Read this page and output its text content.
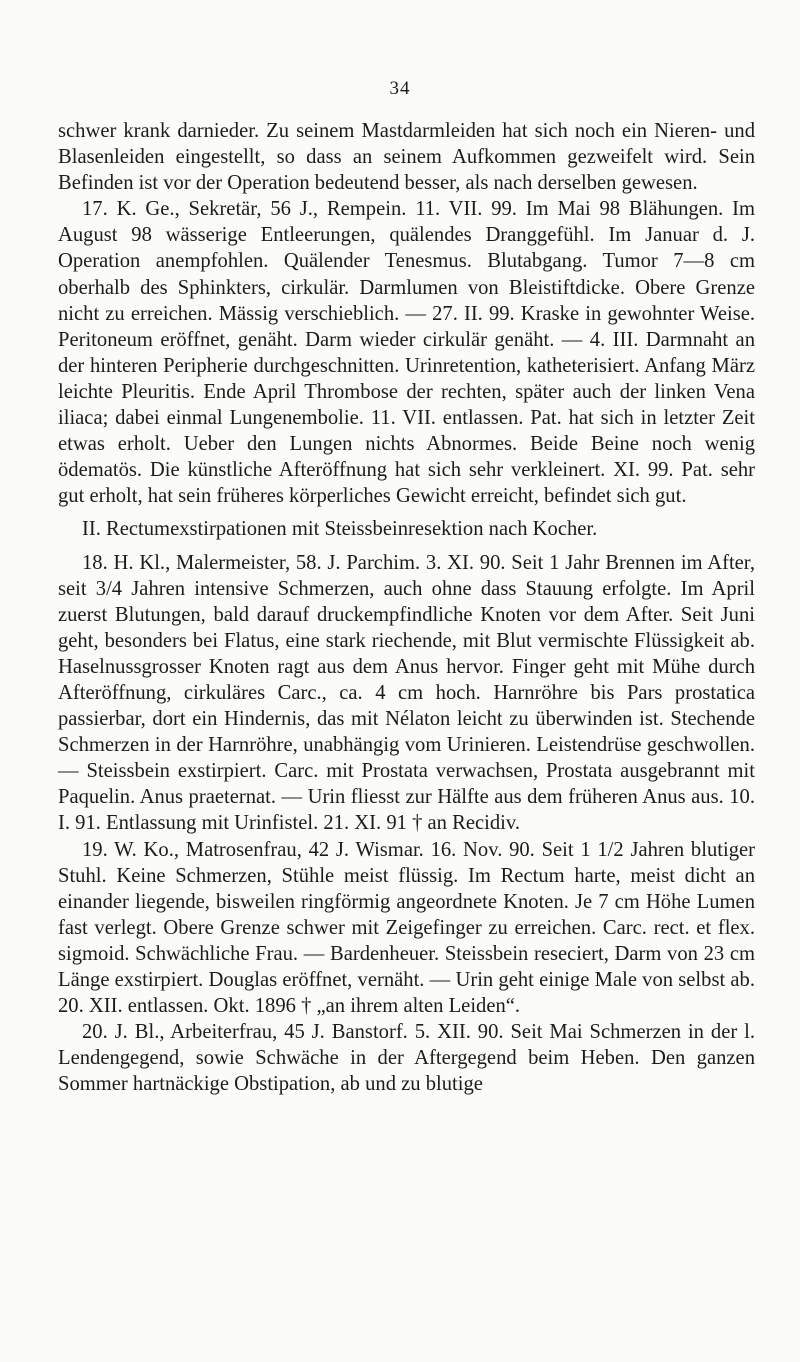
34

schwer krank darnieder. Zu seinem Mastdarmleiden hat sich noch ein Nieren- und Blasenleiden eingestellt, so dass an seinem Aufkommen gezweifelt wird. Sein Befinden ist vor der Operation bedeutend besser, als nach derselben gewesen.

17. K. Ge., Sekretär, 56 J., Rempein. 11. VII. 99. Im Mai 98 Blähungen. Im August 98 wässerige Entleerungen, quälendes Dranggefühl. Im Januar d. J. Operation anempfohlen. Quälender Tenesmus. Blutabgang. Tumor 7—8 cm oberhalb des Sphinkters, cirkulär. Darmlumen von Bleistiftdicke. Obere Grenze nicht zu erreichen. Mässig verschieblich. — 27. II. 99. Kraske in gewohnter Weise. Peritoneum eröffnet, genäht. Darm wieder cirkulär genäht. — 4. III. Darmnaht an der hinteren Peripherie durchgeschnitten. Urinretention, katheterisiert. Anfang März leichte Pleuritis. Ende April Thrombose der rechten, später auch der linken Vena iliaca; dabei einmal Lungenembolie. 11. VII. entlassen. Pat. hat sich in letzter Zeit etwas erholt. Ueber den Lungen nichts Abnormes. Beide Beine noch wenig ödematös. Die künstliche Afteröffnung hat sich sehr verkleinert. XI. 99. Pat. sehr gut erholt, hat sein früheres körperliches Gewicht erreicht, befindet sich gut.

II. Rectumexstirpationen mit Steissbeinresektion nach Kocher.

18. H. Kl., Malermeister, 58. J. Parchim. 3. XI. 90. Seit 1 Jahr Brennen im After, seit 3/4 Jahren intensive Schmerzen, auch ohne dass Stauung erfolgte. Im April zuerst Blutungen, bald darauf druckempfindliche Knoten vor dem After. Seit Juni geht, besonders bei Flatus, eine stark riechende, mit Blut vermischte Flüssigkeit ab. Haselnussgrosser Knoten ragt aus dem Anus hervor. Finger geht mit Mühe durch Afteröffnung, cirkuläres Carc., ca. 4 cm hoch. Harnröhre bis Pars prostatica passierbar, dort ein Hindernis, das mit Nélaton leicht zu überwinden ist. Stechende Schmerzen in der Harnröhre, unabhängig vom Urinieren. Leistendrüse geschwollen. — Steissbein exstirpiert. Carc. mit Prostata verwachsen, Prostata ausgebrannt mit Paquelin. Anus praeternat. — Urin fliesst zur Hälfte aus dem früheren Anus aus. 10. I. 91. Entlassung mit Urinfistel. 21. XI. 91 † an Recidiv.

19. W. Ko., Matrosenfrau, 42 J. Wismar. 16. Nov. 90. Seit 1 1/2 Jahren blutiger Stuhl. Keine Schmerzen, Stühle meist flüssig. Im Rectum harte, meist dicht an einander liegende, bisweilen ringförmig angeordnete Knoten. Je 7 cm Höhe Lumen fast verlegt. Obere Grenze schwer mit Zeigefinger zu erreichen. Carc. rect. et flex. sigmoid. Schwächliche Frau. — Bardenheuer. Steissbein reseciert, Darm von 23 cm Länge exstirpiert. Douglas eröffnet, vernäht. — Urin geht einige Male von selbst ab. 20. XII. entlassen. Okt. 1896 † „an ihrem alten Leiden“.

20. J. Bl., Arbeiterfrau, 45 J. Banstorf. 5. XII. 90. Seit Mai Schmerzen in der l. Lendengegend, sowie Schwäche in der Aftergegend beim Heben. Den ganzen Sommer hartnäckige Obstipation, ab und zu blutige
